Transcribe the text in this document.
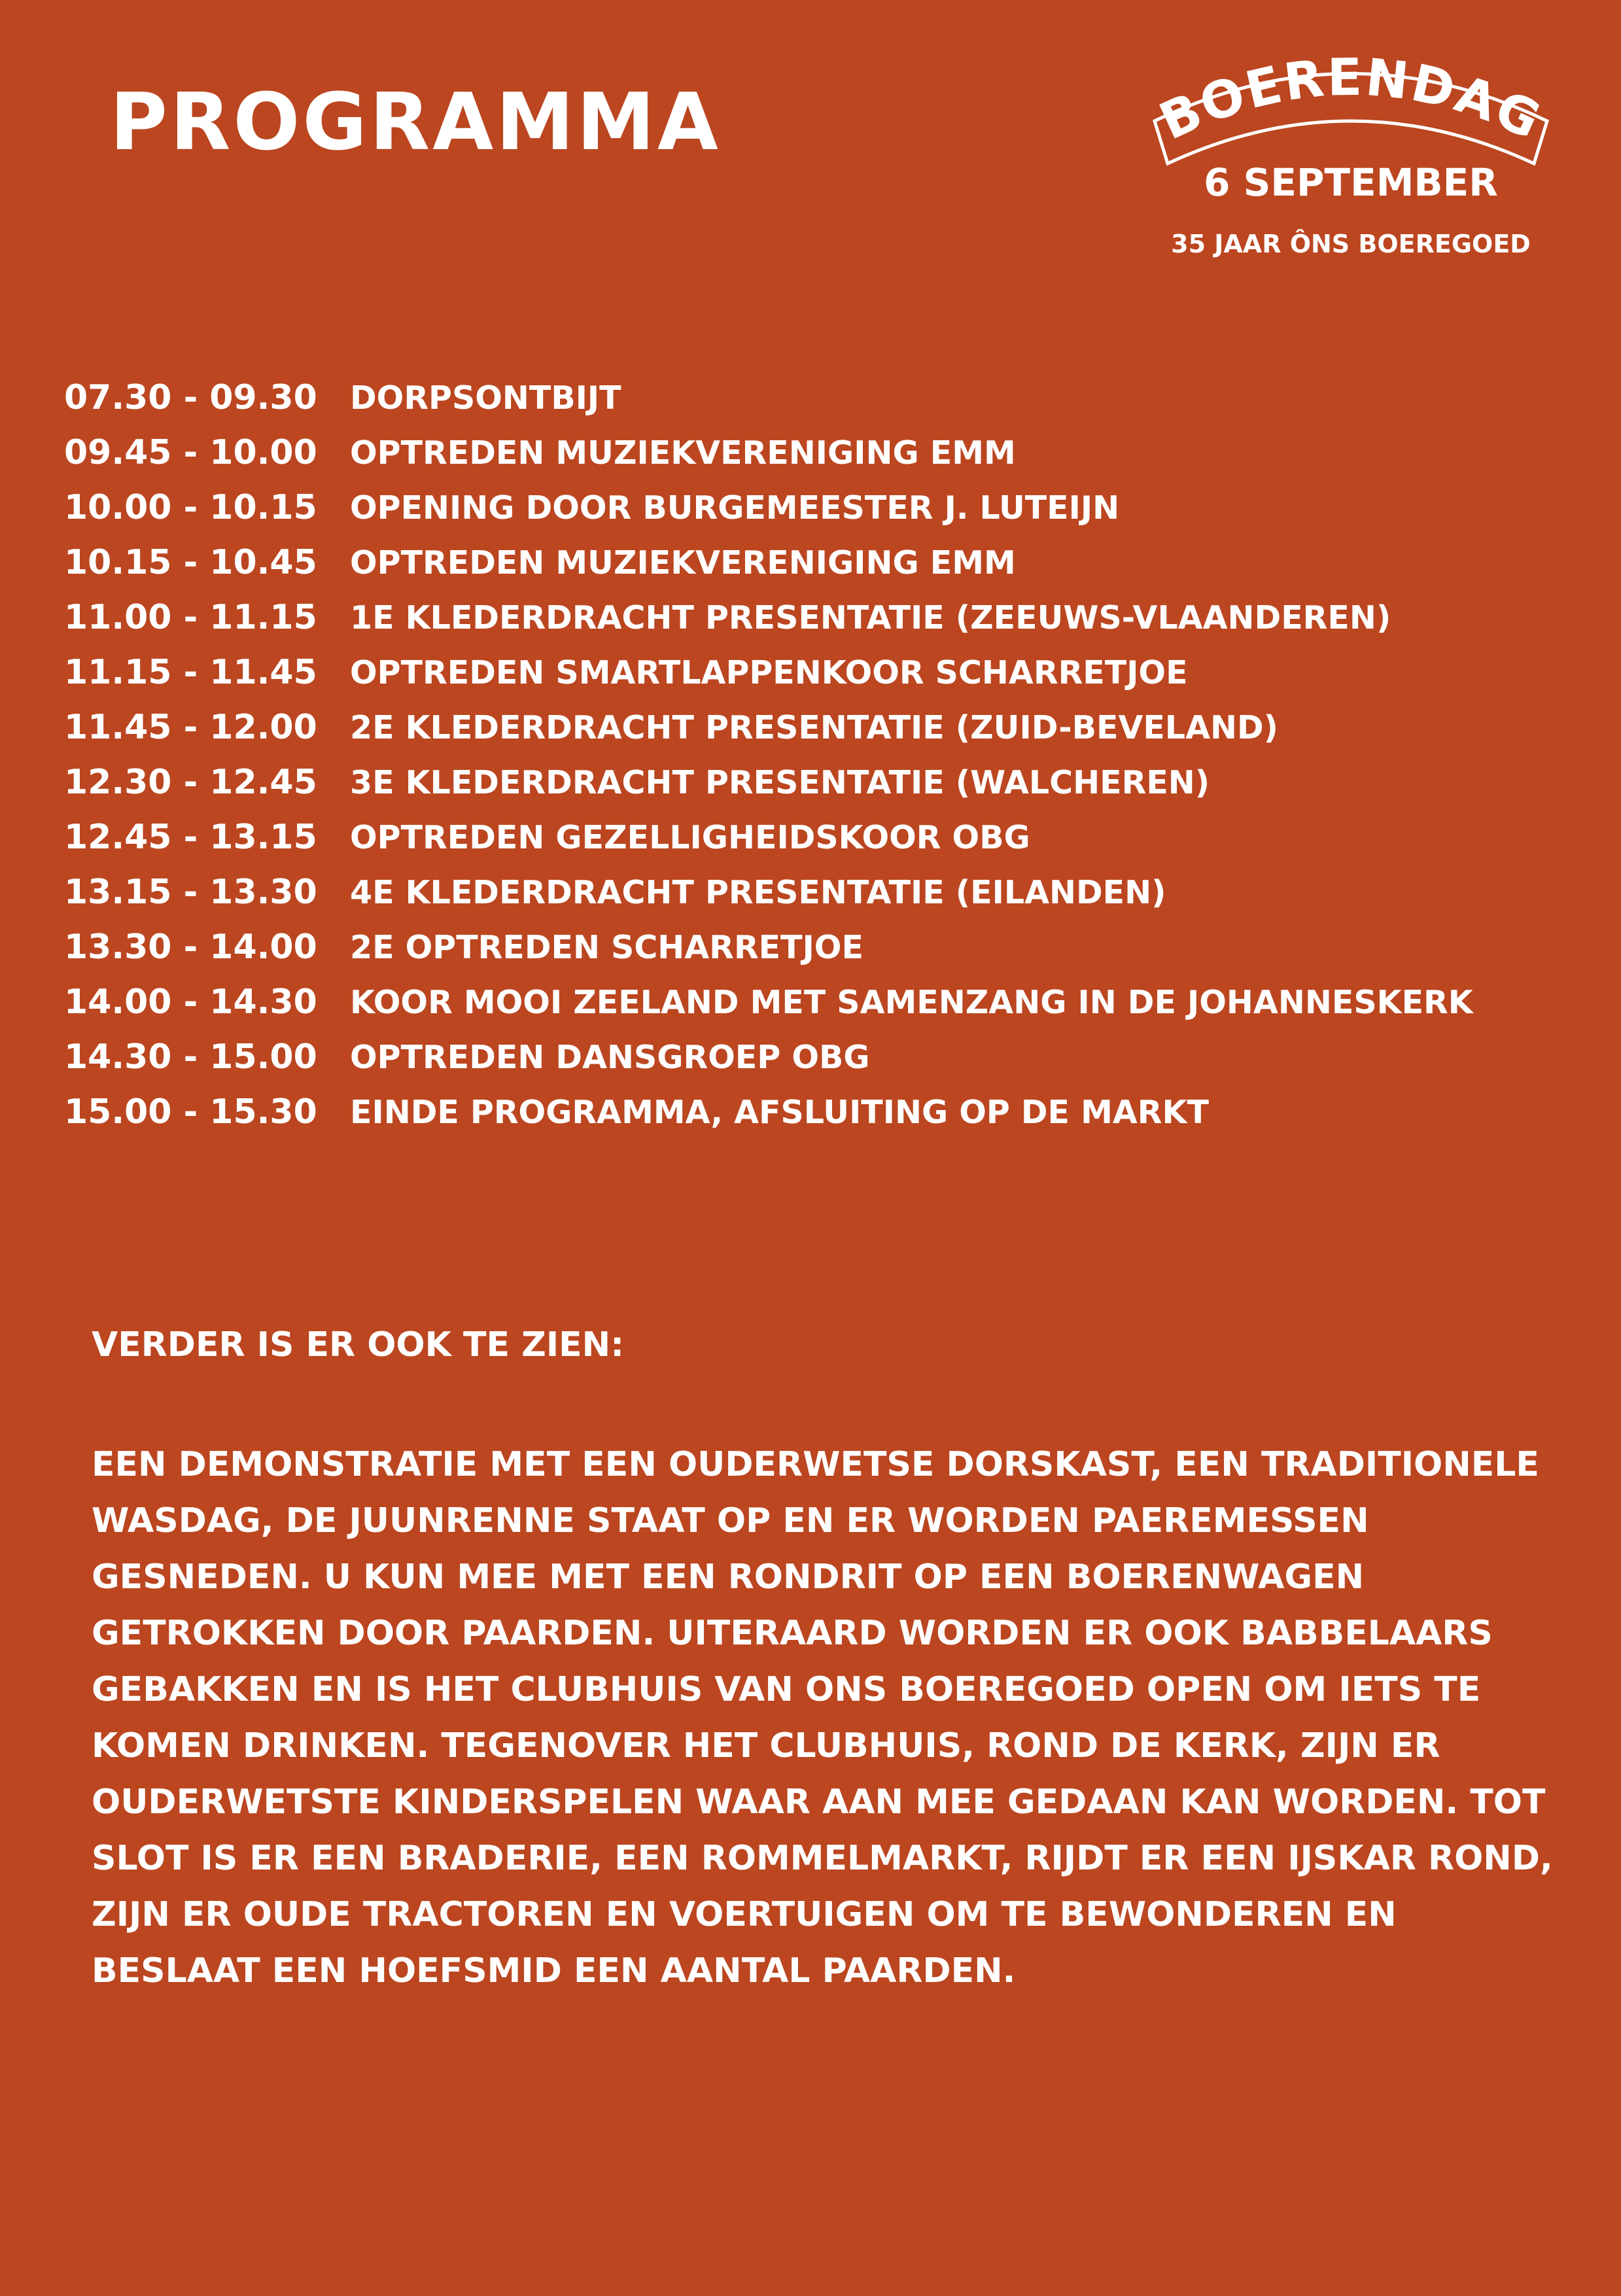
PROGRAMMA	BOERENDAG
6 SEPTEMBER
35 JAAR ÔNS BOEREGOED
07.30 - 09.30	DORPSONTBIJT
09.45 - 10.00	OPTREDEN MUZIEKVERENIGING EMM
10.00 - 10.15	OPENING DOOR BURGEMEESTER J. LUTEIJN
10.15 - 10.45	OPTREDEN MUZIEKVERENIGING EMM
11.00 - 11.15	1E KLEDERDRACHT PRESENTATIE (ZEEUWS-VLAANDEREN)
11.15 - 11.45	OPTREDEN SMARTLAPPENKOOR SCHARRETJOE
11.45 - 12.00	2E KLEDERDRACHT PRESENTATIE (ZUID-BEVELAND)
12.30 - 12.45	3E KLEDERDRACHT PRESENTATIE (WALCHEREN)
12.45 - 13.15	OPTREDEN GEZELLIGHEIDSKOOR OBG
13.15 - 13.30	4E KLEDERDRACHT PRESENTATIE (EILANDEN)
13.30 - 14.00	2E OPTREDEN SCHARRETJOE
14.00 - 14.30	KOOR MOOI ZEELAND MET SAMENZANG IN DE JOHANNESKERK
14.30 - 15.00	OPTREDEN DANSGROEP OBG
15.00 - 15.30	EINDE PROGRAMMA, AFSLUITING OP DE MARKT
VERDER IS ER OOK TE ZIEN:

EEN DEMONSTRATIE MET EEN OUDERWETSE DORSKAST, EEN TRADITIONELE WASDAG, DE JUUNRENNE STAAT OP EN ER WORDEN PAEREMESSEN GESNEDEN. U KUN MEE MET EEN RONDRIT OP EEN BOERENWAGEN GETROKKEN DOOR PAARDEN. UITERAARD WORDEN ER OOK BABBELAARS GEBAKKEN EN IS HET CLUBHUIS VAN ONS BOEREGOED OPEN OM IETS TE KOMEN DRINKEN. TEGENOVER HET CLUBHUIS, ROND DE KERK, ZIJN ER OUDERWETSTE KINDERSPELEN WAAR AAN MEE GEDAAN KAN WORDEN. TOT SLOT IS ER EEN BRADERIE, EEN ROMMELMARKT, RIJDT ER EEN IJSKAR ROND, ZIJN ER OUDE TRACTOREN EN VOERTUIGEN OM TE BEWONDEREN EN BESLAAT EEN HOEFSMID EEN AANTAL PAARDEN.
